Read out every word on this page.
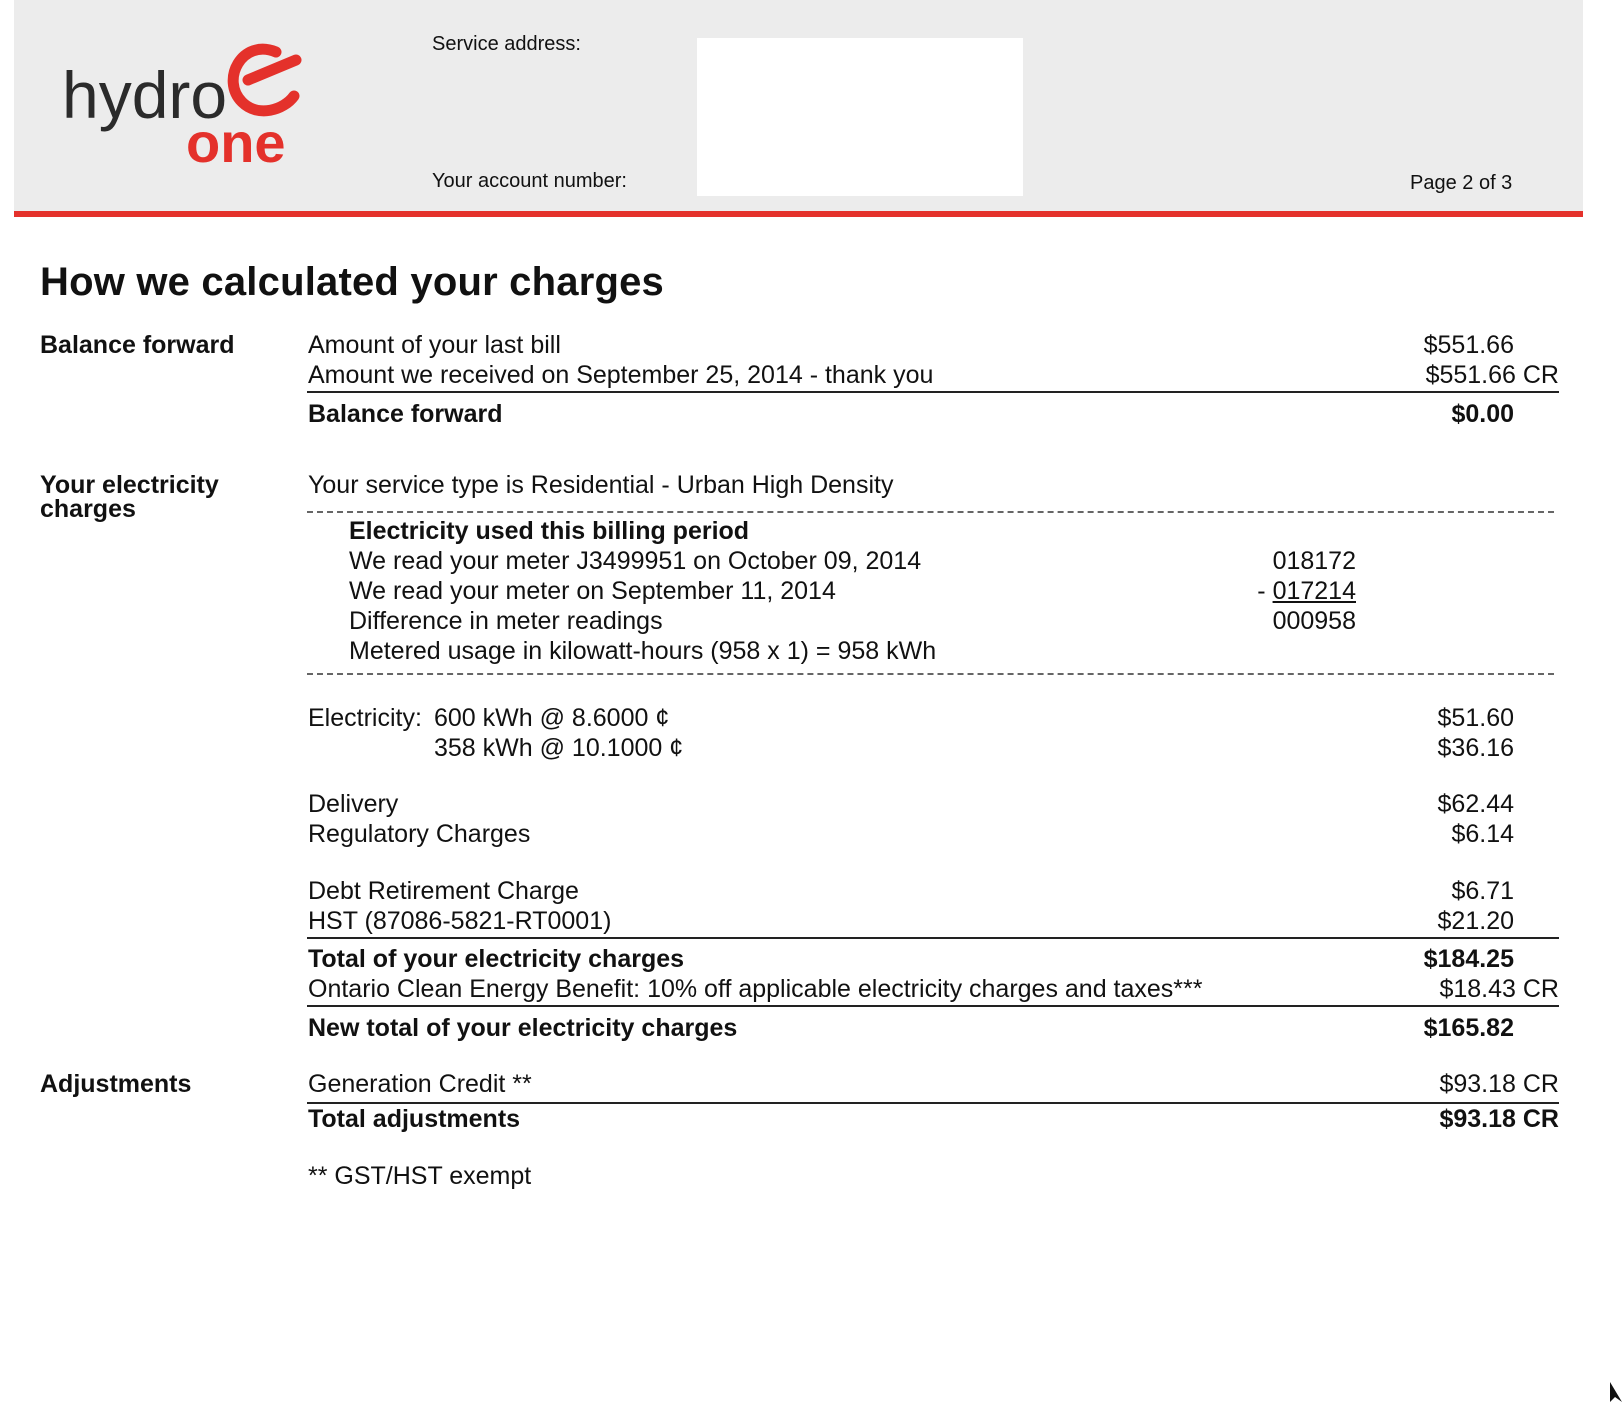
hydro
one
Service address:
Your account number:	Page 2 of 3
How we calculated your charges
Balance forward	Amount of your last bill	$551.66
Amount we received on September 25, 2014 - thank you	$551.66 CR
Balance forward	$0.00
Your electricity charges
Your service type is Residential - Urban High Density
Electricity used this billing period
We read your meter J3499951 on October 09, 2014	018172
We read your meter on September 11, 2014	- 017214
Difference in meter readings	000958
Metered usage in kilowatt-hours (958 x 1) = 958 kWh
Electricity: 600 kWh @ 8.6000 ¢	$51.60
358 kWh @ 10.1000 ¢	$36.16
Delivery	$62.44
Regulatory Charges	$6.14
Debt Retirement Charge	$6.71
HST (87086-5821-RT0001)	$21.20
Total of your electricity charges	$184.25
Ontario Clean Energy Benefit: 10% off applicable electricity charges and taxes***	$18.43 CR
New total of your electricity charges	$165.82
Adjustments	Generation Credit **	$93.18 CR
Total adjustments	$93.18 CR
** GST/HST exempt
